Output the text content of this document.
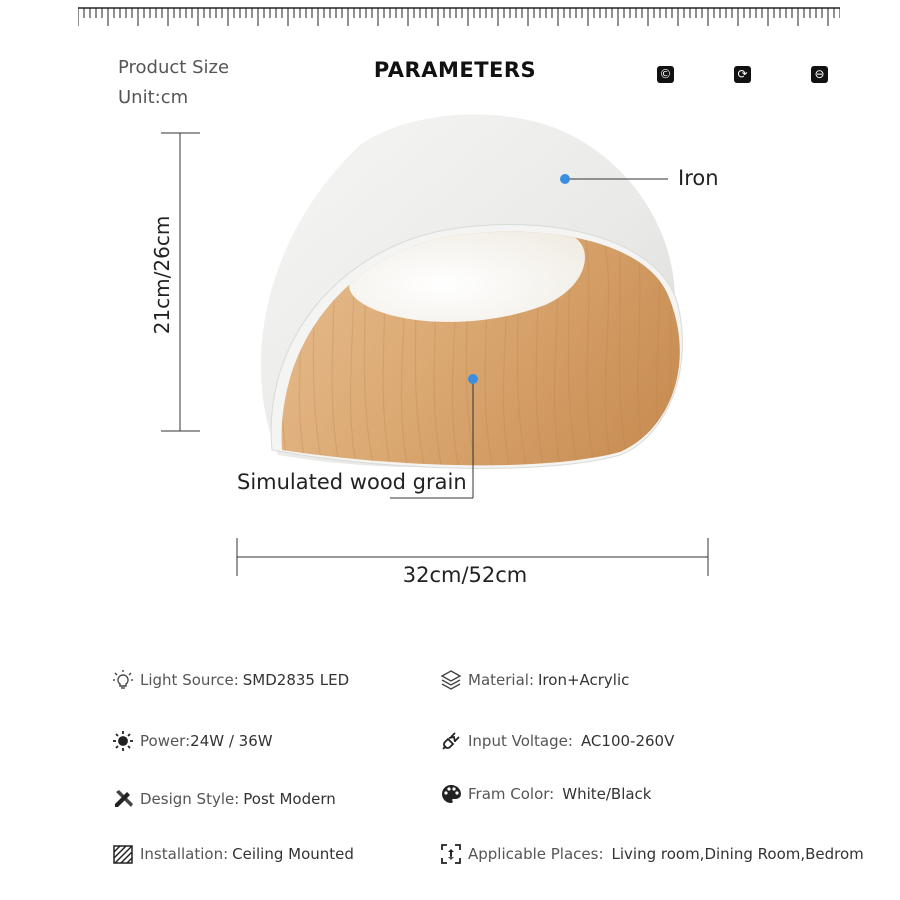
Product Size
Unit:cm
PARAMETERS	©	⟳	⊖
Iron
Simulated wood grain
21cm/26cm
32cm/52cm
Light Source: SMD2835 LED	Material: Iron+Acrylic
Power: 24W / 36W	Input Voltage: AC100-260V
Design Style: Post Modern	Fram Color: White/Black
Installation: Ceiling Mounted	Applicable Places: Living room,Dining Room,Bedrom
